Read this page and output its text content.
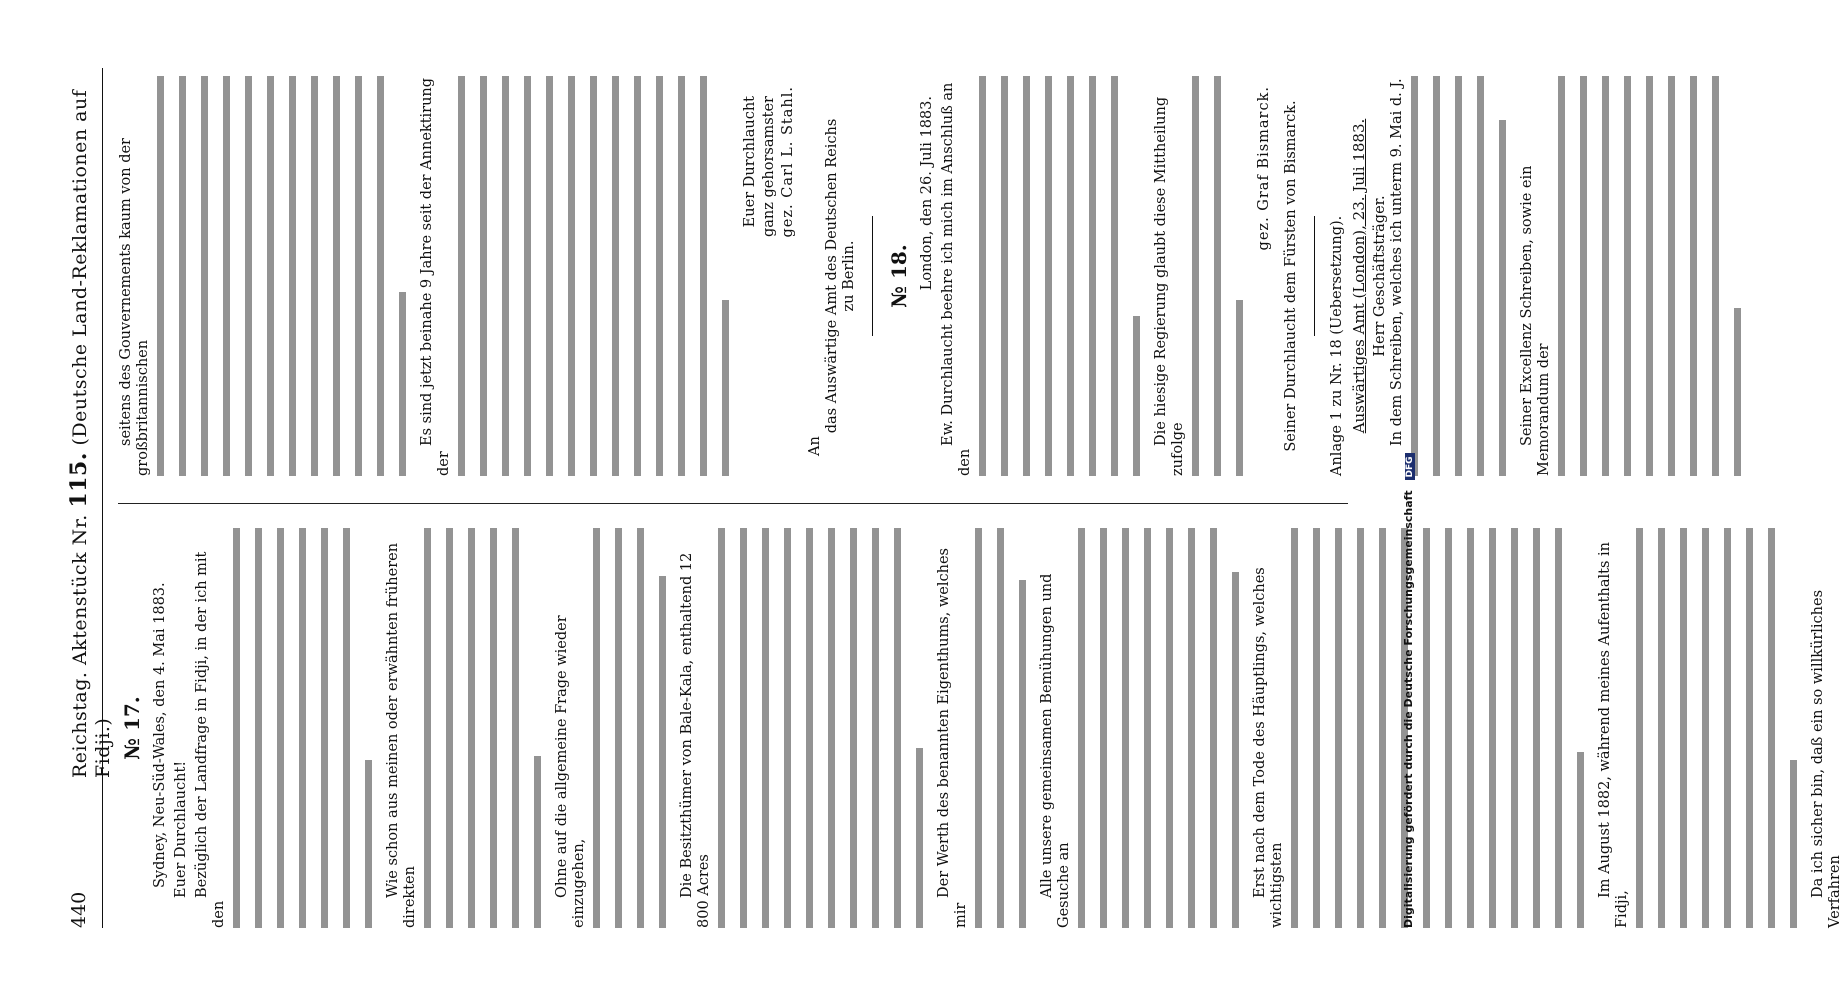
440
Reichstag. Aktenstück Nr. 115. (Deutsche Land-Reklamationen auf Fidji.) № 17. Sydney, Neu-Süd-Wales, den 4. Mai 1883. Euer Durchlaucht! Bezüglich der Landfrage in Fidji, in der ich mit den
Wie schon aus meinen oder erwähnten früheren direkten	Ohne auf die allgemeine Frage wieder einzugehen,	Die Besitzthümer von Bale-Kala, enthaltend 12 800 Acres	Der Werth des benannten Eigenthums, welches mir
Alle unsere gemeinsamen Bemühungen und Gesuche an	Erst nach dem Tode des Häuptlings, welches wichtigsten	Im August 1882, während meines Aufenthalts in Fidji,
Da ich sicher bin, daß ein so willkürliches Verfahren
seitens des Gouvernements kaum von der großbritannischen	Es sind jetzt beinahe 9 Jahre seit der Annektirung der
Euer Durchlaucht ganz gehorsamster gez. Carl L. Stahl.
An
das Auswärtige Amt des Deutschen Reichs zu Berlin. № 18. London, den 26. Juli 1883. Ew. Durchlaucht beehre ich mich im Anschluß an den
Die hiesige Regierung glaubt diese Mittheilung zufolge
gez. Graf Bismarck. Seiner Durchlaucht dem Fürsten von Bismarck. Anlage 1 zu Nr. 18 (Uebersetzung). Auswärtiges Amt (London), 23. Juli 1883. Herr Geschäftsträger. In dem Schreiben, welches ich unterm 9. Mai d. J.	Seiner Excellenz Schreiben, sowie ein Memorandum der
Digitalisierung gefördert durch die Deutsche Forschungsgemeinschaft DFG
